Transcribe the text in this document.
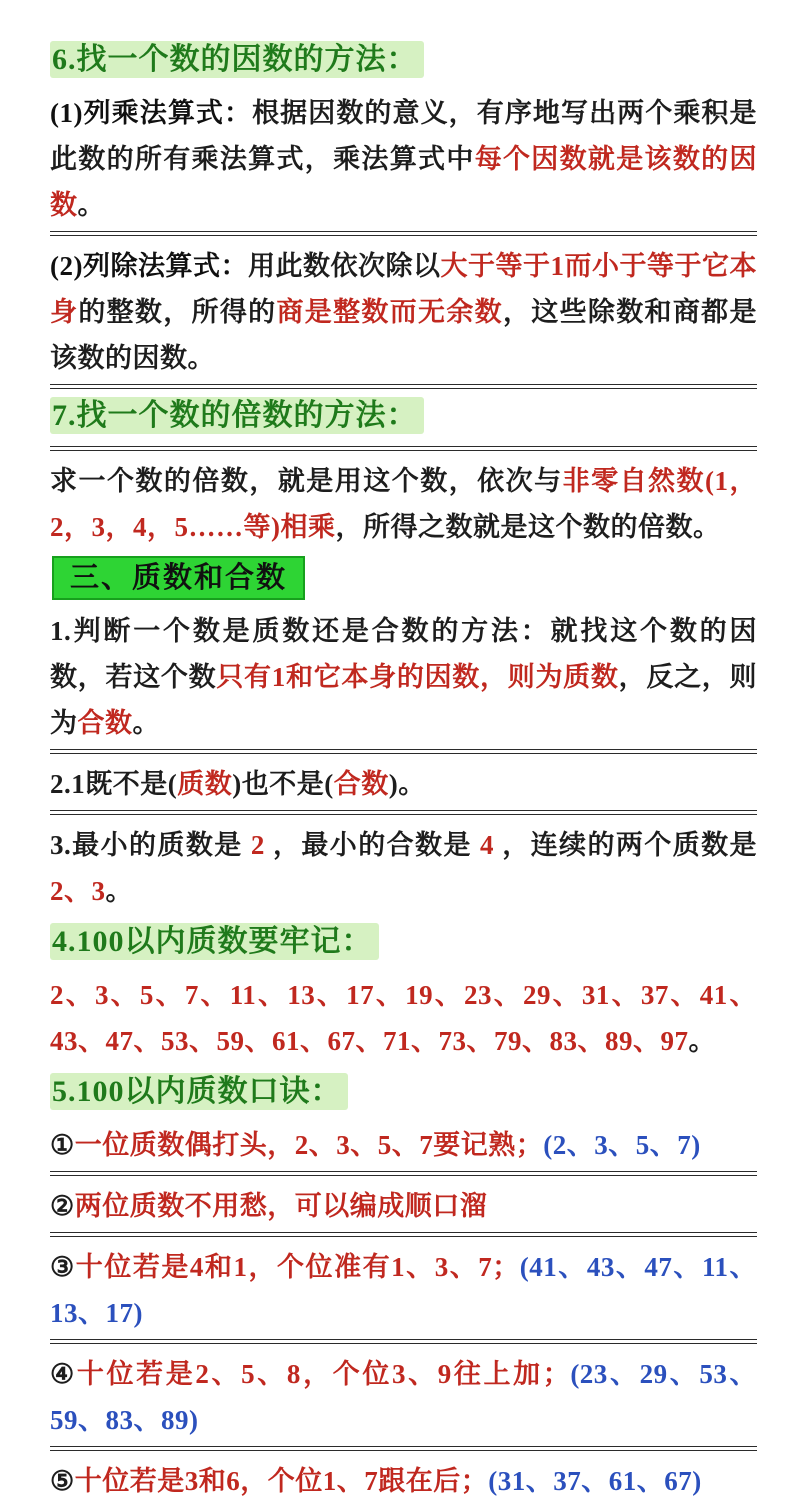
6.找一个数的因数的方法：

(1)列乘法算式：根据因数的意义，有序地写出两个乘积是此数的所有乘法算式，乘法算式中每个因数就是该数的因数。

(2)列除法算式：用此数依次除以大于等于1而小于等于它本身的整数，所得的商是整数而无余数，这些除数和商都是该数的因数。

7.找一个数的倍数的方法：

求一个数的倍数，就是用这个数，依次与非零自然数(1，2，3，4，5……等)相乘，所得之数就是这个数的倍数。

三、质数和合数

1.判断一个数是质数还是合数的方法：就找这个数的因数，若这个数只有1和它本身的因数，则为质数，反之，则为合数。

2.1既不是(质数)也不是(合数)。

3.最小的质数是 2 ，最小的合数是 4 ，连续的两个质数是2、3。

4.100以内质数要牢记：

2、3、5、7、11、13、17、19、23、29、31、37、41、43、47、53、59、61、67、71、73、79、83、89、97。

5.100以内质数口诀：

①一位质数偶打头，2、3、5、7要记熟；(2、3、5、7)

②两位质数不用愁，可以编成顺口溜

③十位若是4和1，个位准有1、3、7；(41、43、47、11、13、17)

④十位若是2、5、8，个位3、9往上加；(23、29、53、59、83、89)

⑤十位若是3和6，个位1、7跟在后；(31、37、61、67)
